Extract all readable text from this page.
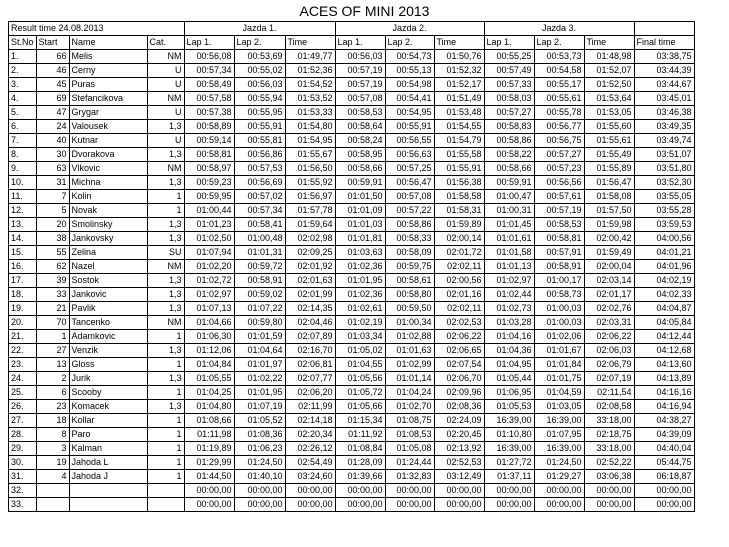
ACES OF MINI 2013
Result time 24.08.2013				Jazda 1.			Jazda 2.			Jazda 3.			
St.No	Start	Name	Cat.	Lap 1.	Lap 2.	Time	Lap 1.	Lap 2.	Time	Lap 1.	Lap 2.	Time	Final time
1.	66	Melis	NM	00:56,08	00:53,69	01:49,77	00:56,03	00:54,73	01:50,76	00:55,25	00:53,73	01:48,98	03:38,75
2.	46	Cerny	U	00:57,34	00:55,02	01:52,36	00:57,19	00:55,13	01:52,32	00:57,49	00:54,58	01:52,07	03:44,39
3.	45	Puras	U	00:58,49	00:56,03	01:54,52	00:57,19	00:54,98	01:52,17	00:57,33	00:55,17	01:52,50	03:44,67
4.	69	Stefancikova	NM	00:57,58	00:55,94	01:53,52	00:57,08	00:54,41	01:51,49	00:58,03	00:55,61	01:53,64	03:45,01
5.	47	Grygar	U	00:57,38	00:55,95	01:53,33	00:58,53	00:54,95	01:53,48	00:57,27	00:55,78	01:53,05	03:46,38
6.	24	Valousek	1,3	00:58,89	00:55,91	01:54,80	00:58,64	00:55,91	01:54,55	00:58,83	00:56,77	01:55,60	03:49,35
7.	40	Kutnar	U	00:59,14	00:55,81	01:54,95	00:58,24	00:56,55	01:54,79	00:58,86	00:56,75	01:55,61	03:49,74
8.	30	Dvorakova	1,3	00:58,81	00:56,86	01:55,67	00:58,95	00:56,63	01:55,58	00:58,22	00:57,27	01:55,49	03:51,07
9.	63	Vlkovic	NM	00:58,97	00:57,53	01:56,50	00:58,66	00:57,25	01:55,91	00:58,66	00:57,23	01:55,89	03:51,80
10.	31	Michna	1,3	00:59,23	00:56,69	01:55,92	00:59,91	00:56,47	01:56,38	00:59,91	00:56,56	01:56,47	03:52,30
11.	7	Kolin	1	00:59,95	00:57,02	01:56,97	01:01,50	00:57,08	01:58,58	01:00,47	00:57,61	01:58,08	03:55,05
12.	5	Novak	1	01:00,44	00:57,34	01:57,78	01:01,09	00:57,22	01:58,31	01:00,31	00:57,19	01:57,50	03:55,28
13.	20	Smolinsky	1,3	01:01,23	00:58,41	01:59,64	01:01,03	00:58,86	01:59,89	01:01,45	00:58,53	01:59,98	03:59,53
14.	38	Jankovsky	1,3	01:02,50	01:00,48	02:02,98	01:01,81	00:58,33	02:00,14	01:01,61	00:58,81	02:00,42	04:00,56
15.	55	Zelina	SU	01:07,94	01:01,31	02:09,25	01:03,63	00:58,09	02:01,72	01:01,58	00:57,91	01:59,49	04:01,21
16.	62	Nazel	NM	01:02,20	00:59,72	02:01,92	01:02,36	00:59,75	02:02,11	01:01,13	00:58,91	02:00,04	04:01,96
17.	39	Sostok	1,3	01:02,72	00:58,91	02:01,63	01:01,95	00:58,61	02:00,56	01:02,97	01:00,17	02:03,14	04:02,19
18.	33	Jankovic	1,3	01:02,97	00:59,02	02:01,99	01:02,36	00:58,80	02:01,16	01:02,44	00:58,73	02:01,17	04:02,33
19.	21	Pavlik	1,3	01:07,13	01:07,22	02:14,35	01:02,61	00:59,50	02:02,11	01:02,73	01:00,03	02:02,76	04:04,87
20.	70	Tancenko	NM	01:04,66	00:59,80	02:04,46	01:02,19	01:00,34	02:02,53	01:03,28	01:00,03	02:03,31	04:05,84
21.	1	Adamkovic	1	01:06,30	01:01,59	02:07,89	01:03,34	01:02,88	02:06,22	01:04,16	01:02,06	02:06,22	04:12,44
22.	27	Venzik	1,3	01:12,06	01:04,64	02:16,70	01:05,02	01:01,63	02:06,65	01:04,36	01:01,67	02:06,03	04:12,68
23.	13	Gloss	1	01:04,84	01:01,97	02:06,81	01:04,55	01:02,99	02:07,54	01:04,95	01:01,84	02:06,79	04:13,60
24.	2	Jurik	1,3	01:05,55	01:02,22	02:07,77	01:05,56	01:01,14	02:06,70	01:05,44	01:01,75	02:07,19	04:13,89
25.	6	Scooby	1	01:04,25	01:01,95	02:06,20	01:05,72	01:04,24	02:09,96	01:06,95	01:04,59	02:11,54	04:16,16
26.	23	Komacek	1,3	01:04,80	01:07,19	02:11,99	01:05,66	01:02,70	02:08,36	01:05,53	01:03,05	02:08,58	04:16,94
27.	18	Kollar	1	01:08,66	01:05,52	02:14,18	01:15,34	01:08,75	02:24,09	16:39,00	16:39,00	33:18,00	04:38,27
28.	8	Paro	1	01:11,98	01:08,36	02:20,34	01:11,92	01:08,53	02:20,45	01:10,80	01:07,95	02:18,75	04:39,09
29.	3	Kalman	1	01:19,89	01:06,23	02:26,12	01:08,84	01:05,08	02:13,92	16:39,00	16:39,00	33:18,00	04:40,04
30.	19	Jahoda L	1	01:29,99	01:24,50	02:54,49	01:28,09	01:24,44	02:52,53	01:27,72	01:24,50	02:52,22	05:44,75
31.	4	Jahoda J	1	01:44,50	01:40,10	03:24,60	01:39,66	01:32,83	03:12,49	01:37,11	01:29,27	03:06,38	06:18,87
32.				00:00,00	00:00,00	00:00,00	00:00,00	00:00,00	00:00,00	00:00,00	00:00,00	00:00,00	00:00,00
33.				00:00,00	00:00,00	00:00,00	00:00,00	00:00,00	00:00,00	00:00,00	00:00,00	00:00,00	00:00,00
